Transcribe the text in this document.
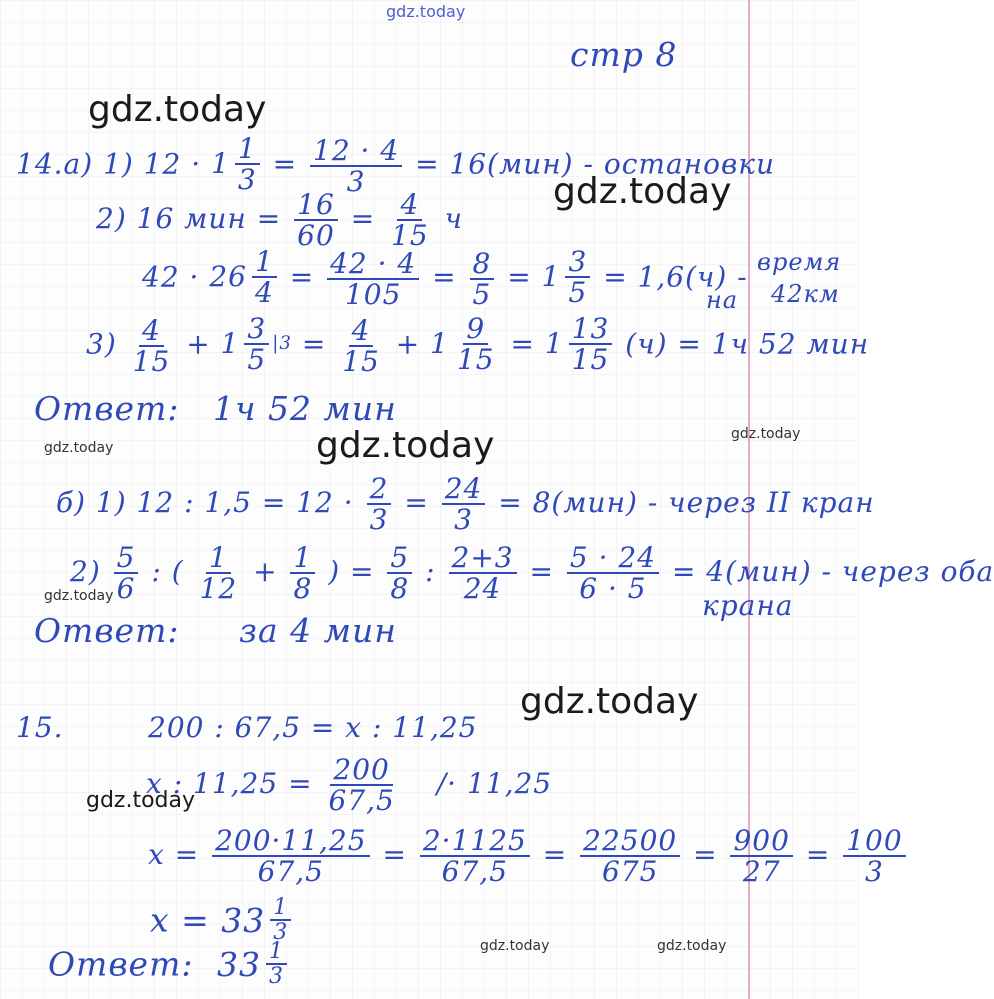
gdz.today
gdz.today
gdz.today
gdz.today
gdz.today
gdz.today
gdz.today
gdz.today
gdz.today
gdz.today	gdz.today
стр 8
14.а) 1) $12 \cdot 1 \frac{1}{3} = \frac{12 \cdot 4}{3} = 16(мин)$ - остановки
2) 16 мин = $\frac{16}{60} = \frac{4}{15}$ ч
$42 \cdot 26 \frac{1}{4} = \frac{42 \cdot 4}{105} = \frac{8}{5} = 1 \frac{3}{5} = 1,6(ч)$ - время
на 42км
$3) \frac{4}{15} + 1 \frac{3}{5} |3 = \frac{4}{15} + 1 \frac{9}{15} = 1 \frac{13}{15} (ч) = 1ч$ 52 мин
Ответ: 1ч 52 мин
б) 1) 12 : $1,5 = 12 \cdot \frac{2}{3} = \frac{24}{3} = 8(мин)$ - через II кран
$2) \frac{5}{6}$ : ( $\frac{1}{12} + \frac{1}{8}$ ) = $\frac{5}{8}$ : $\frac{2+3}{24} = \frac{5 \cdot 24}{6 \cdot 5} = 4(мин)$ - через оба
крана
Ответ: за 4 мин
15.	200 : 67,5 = x : 11,25
x : $11,25 = \frac{200}{67,5} /\cdot 11,25$
$x = \frac{200\cdot 11,25}{67,5} = \frac{2\cdot 1125}{67,5} = \frac{22500}{675} = \frac{900}{27} = \frac{100}{3}$
$x = 33 \frac{1}{3}$
Ответ: $33 \frac{1}{3}$
